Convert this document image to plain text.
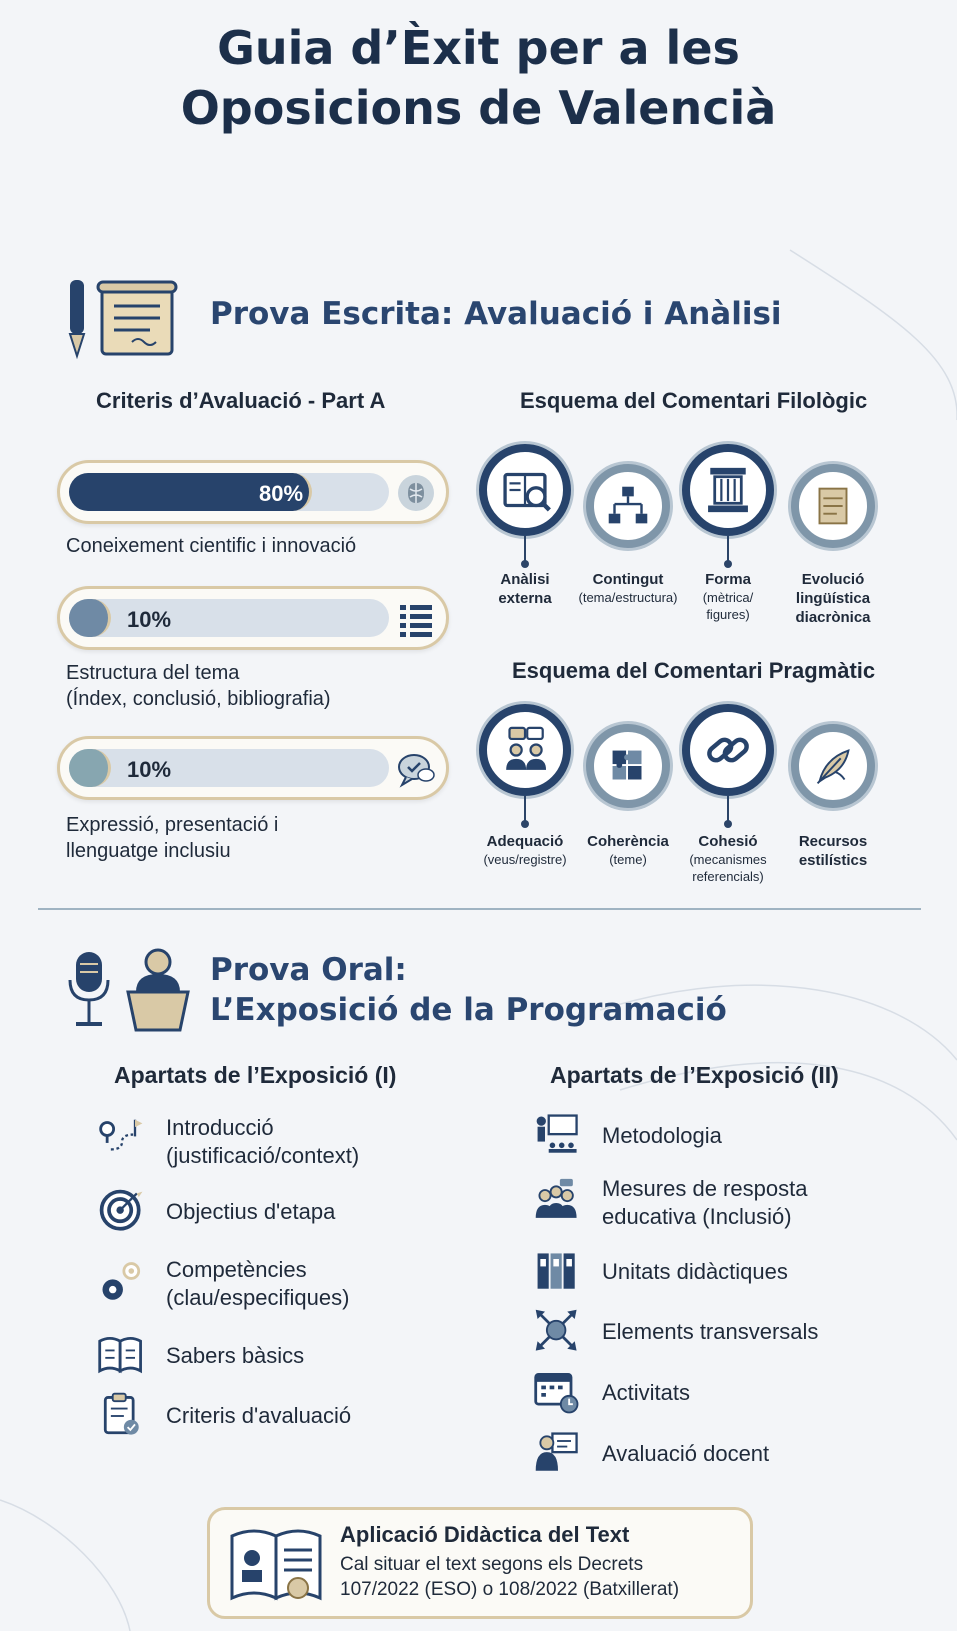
Guia d’Èxit per a les
Oposicions de Valencià
Prova Escrita: Avaluació i Anàlisi
Criteris d’Avaluació - Part A
80%
Coneixement cientific i innovació
10%
Estructura del tema
(Índex, conclusió, bibliografia)
10%
Expressió, presentació i
llenguatge inclusiu
Esquema del Comentari Filològic
Anàlisi
externa
Contingut
(tema/estructura)
Forma
(mètrica/
figures)
Evolució
lingüística
diacrònica
Esquema del Comentari Pragmàtic
Adequació
(veus/registre)
Coherència
(teme)
Cohesió
(mecanismes
referencials)
Recursos
estilístics
Prova Oral:
L’Exposició de la Programació
Apartats de l’Exposició (I)	Apartats de l’Exposició (II)
Introducció
(justificació/context)
Objectius d'etapa
Competències
(clau/especifiques)
Sabers bàsics
Criteris d'avaluació
Metodologia
Mesures de resposta
educativa (Inclusió)
Unitats didàctiques
Elements transversals
Activitats
Avaluació docent
Aplicació Didàctica del Text
Cal situar el text segons els Decrets
107/2022 (ESO) o 108/2022 (Batxillerat)
